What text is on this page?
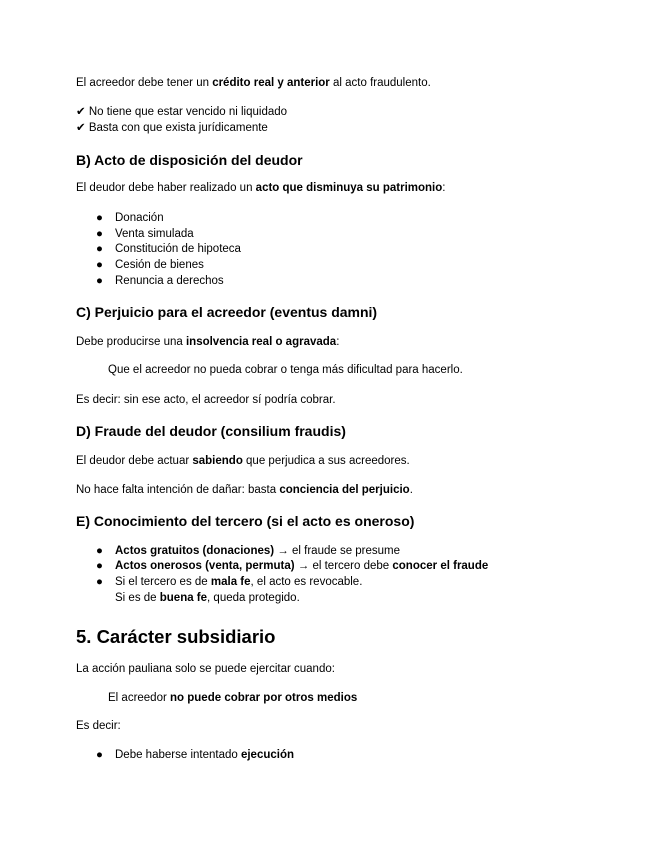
El acreedor debe tener un crédito real y anterior al acto fraudulento.
✔ No tiene que estar vencido ni liquidado
✔ Basta con que exista jurídicamente
B) Acto de disposición del deudor
El deudor debe haber realizado un acto que disminuya su patrimonio:
● Donación
● Venta simulada
● Constitución de hipoteca
● Cesión de bienes
● Renuncia a derechos
C) Perjuicio para el acreedor (eventus damni)
Debe producirse una insolvencia real o agravada:
Que el acreedor no pueda cobrar o tenga más dificultad para hacerlo.
Es decir: sin ese acto, el acreedor sí podría cobrar.
D) Fraude del deudor (consilium fraudis)
El deudor debe actuar sabiendo que perjudica a sus acreedores.
No hace falta intención de dañar: basta conciencia del perjuicio.
E) Conocimiento del tercero (si el acto es oneroso)
● Actos gratuitos (donaciones) → el fraude se presume
● Actos onerosos (venta, permuta) → el tercero debe conocer el fraude
● Si el tercero es de mala fe, el acto es revocable.
Si es de buena fe, queda protegido.
5. Carácter subsidiario
La acción pauliana solo se puede ejercitar cuando:
El acreedor no puede cobrar por otros medios
Es decir:
● Debe haberse intentado ejecución
